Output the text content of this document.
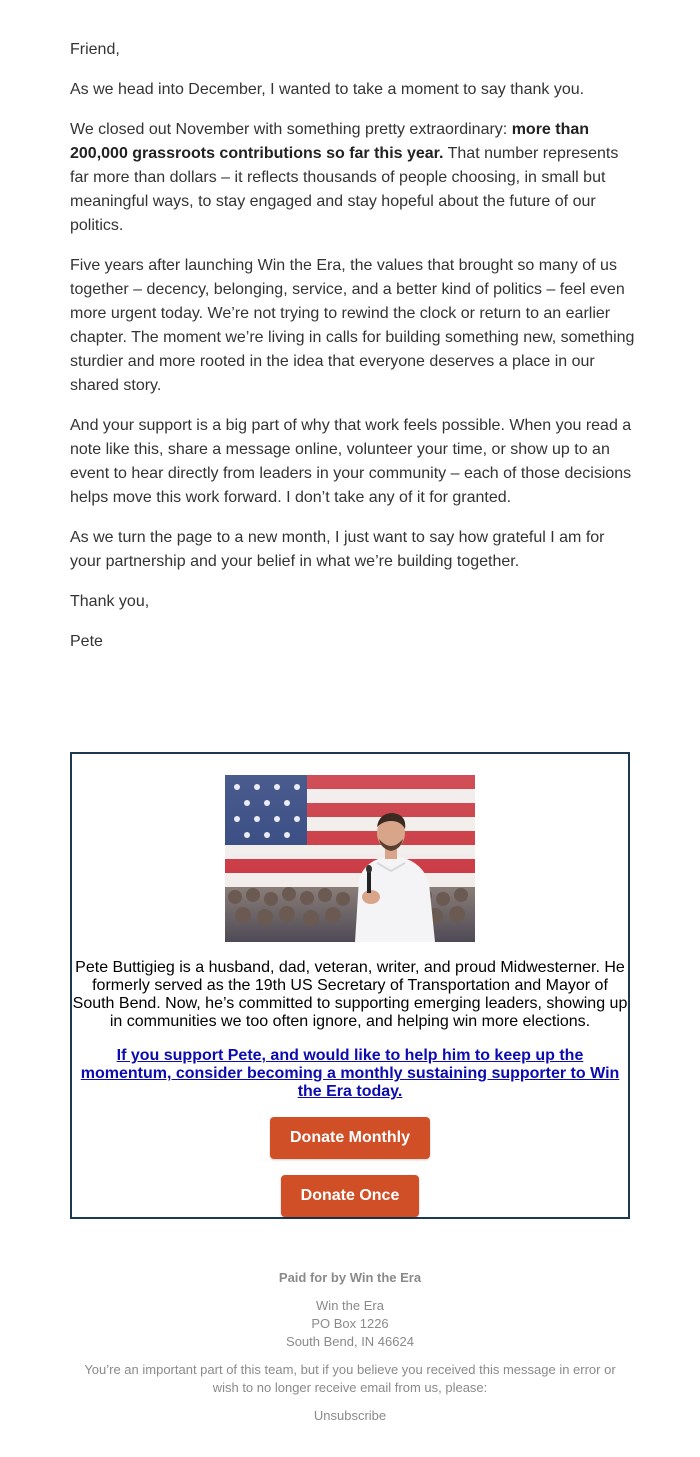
Friend,

As we head into December, I wanted to take a moment to say thank you.

We closed out November with something pretty extraordinary: more than 200,000 grassroots contributions so far this year. That number represents far more than dollars – it reflects thousands of people choosing, in small but meaningful ways, to stay engaged and stay hopeful about the future of our politics.

Five years after launching Win the Era, the values that brought so many of us together – decency, belonging, service, and a better kind of politics – feel even more urgent today. We’re not trying to rewind the clock or return to an earlier chapter. The moment we’re living in calls for building something new, something sturdier and more rooted in the idea that everyone deserves a place in our shared story.

And your support is a big part of why that work feels possible. When you read a note like this, share a message online, volunteer your time, or show up to an event to hear directly from leaders in your community – each of those decisions helps move this work forward. I don’t take any of it for granted.

As we turn the page to a new month, I just want to say how grateful I am for your partnership and your belief in what we’re building together.

Thank you,

Pete

Pete Buttigieg is a husband, dad, veteran, writer, and proud Midwesterner. He formerly served as the 19th US Secretary of Transportation and Mayor of South Bend. Now, he’s committed to supporting emerging leaders, showing up in communities we too often ignore, and helping win more elections.
If you support Pete, and would like to help him to keep up the momentum, consider becoming a monthly sustaining supporter to Win the Era today.
Donate Monthly
Donate Once
Paid for by Win the Era
Win the Era
PO Box 1226
South Bend, IN 46624
You’re an important part of this team, but if you believe you received this message in error or wish to no longer receive email from us, please:
Unsubscribe
